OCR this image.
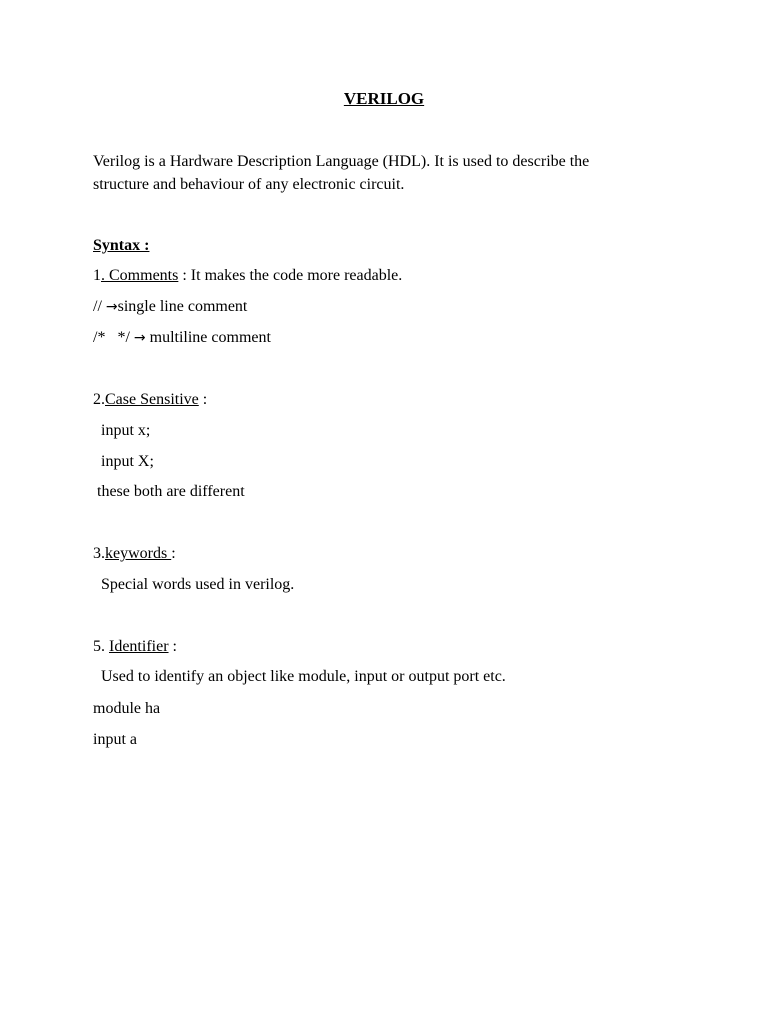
VERILOG
Verilog is a Hardware Description Language (HDL). It is used to describe the
structure and behaviour of any electronic circuit.
Syntax :
1. Comments : It makes the code more readable.
// →single line comment
/*   */ → multiline comment
2.Case Sensitive :
input x;
input X;
these both are different
3.keywords :
Special words used in verilog.
5. Identifier :
Used to identify an object like module, input or output port etc.
module ha
input a
